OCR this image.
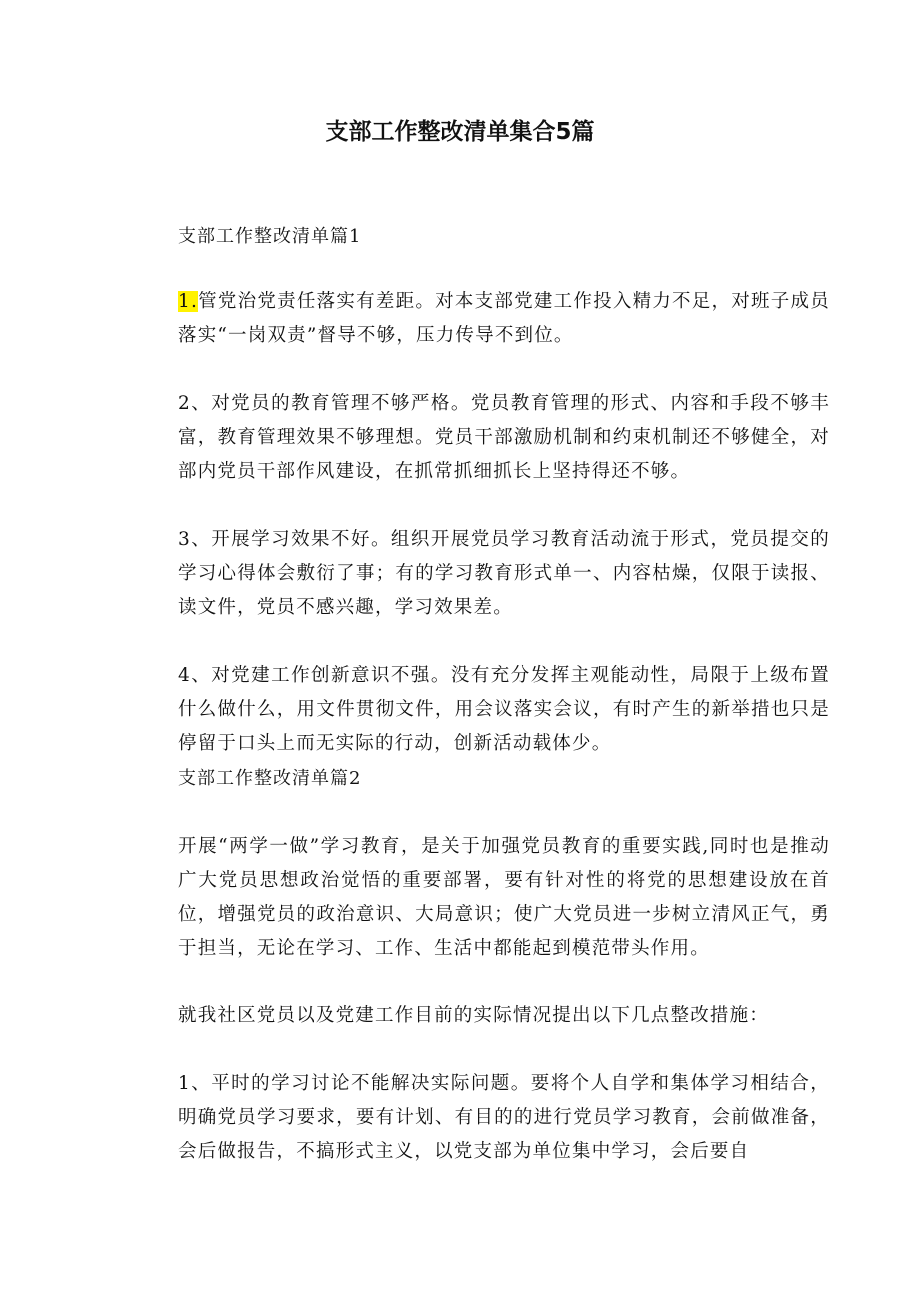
支部工作整改清单集合5篇
支部工作整改清单篇1
1.管党治党责任落实有差距。对本支部党建工作投入精力不足，对班子成员落实“一岗双责”督导不够，压力传导不到位。
2、对党员的教育管理不够严格。党员教育管理的形式、内容和手段不够丰富，教育管理效果不够理想。党员干部激励机制和约束机制还不够健全，对部内党员干部作风建设，在抓常抓细抓长上坚持得还不够。
3、开展学习效果不好。组织开展党员学习教育活动流于形式，党员提交的学习心得体会敷衍了事；有的学习教育形式单一、内容枯燥，仅限于读报、读文件，党员不感兴趣，学习效果差。
4、对党建工作创新意识不强。没有充分发挥主观能动性，局限于上级布置什么做什么，用文件贯彻文件，用会议落实会议，有时产生的新举措也只是停留于口头上而无实际的行动，创新活动载体少。
支部工作整改清单篇2
开展“两学一做”学习教育，是关于加强党员教育的重要实践,同时也是推动广大党员思想政治觉悟的重要部署，要有针对性的将党的思想建设放在首位，增强党员的政治意识、大局意识；使广大党员进一步树立清风正气，勇于担当，无论在学习、工作、生活中都能起到模范带头作用。
就我社区党员以及党建工作目前的实际情况提出以下几点整改措施：
1、平时的学习讨论不能解决实际问题。要将个人自学和集体学习相结合，明确党员学习要求，要有计划、有目的的进行党员学习教育，会前做准备，会后做报告，不搞形式主义，以党支部为单位集中学习，会后要自
